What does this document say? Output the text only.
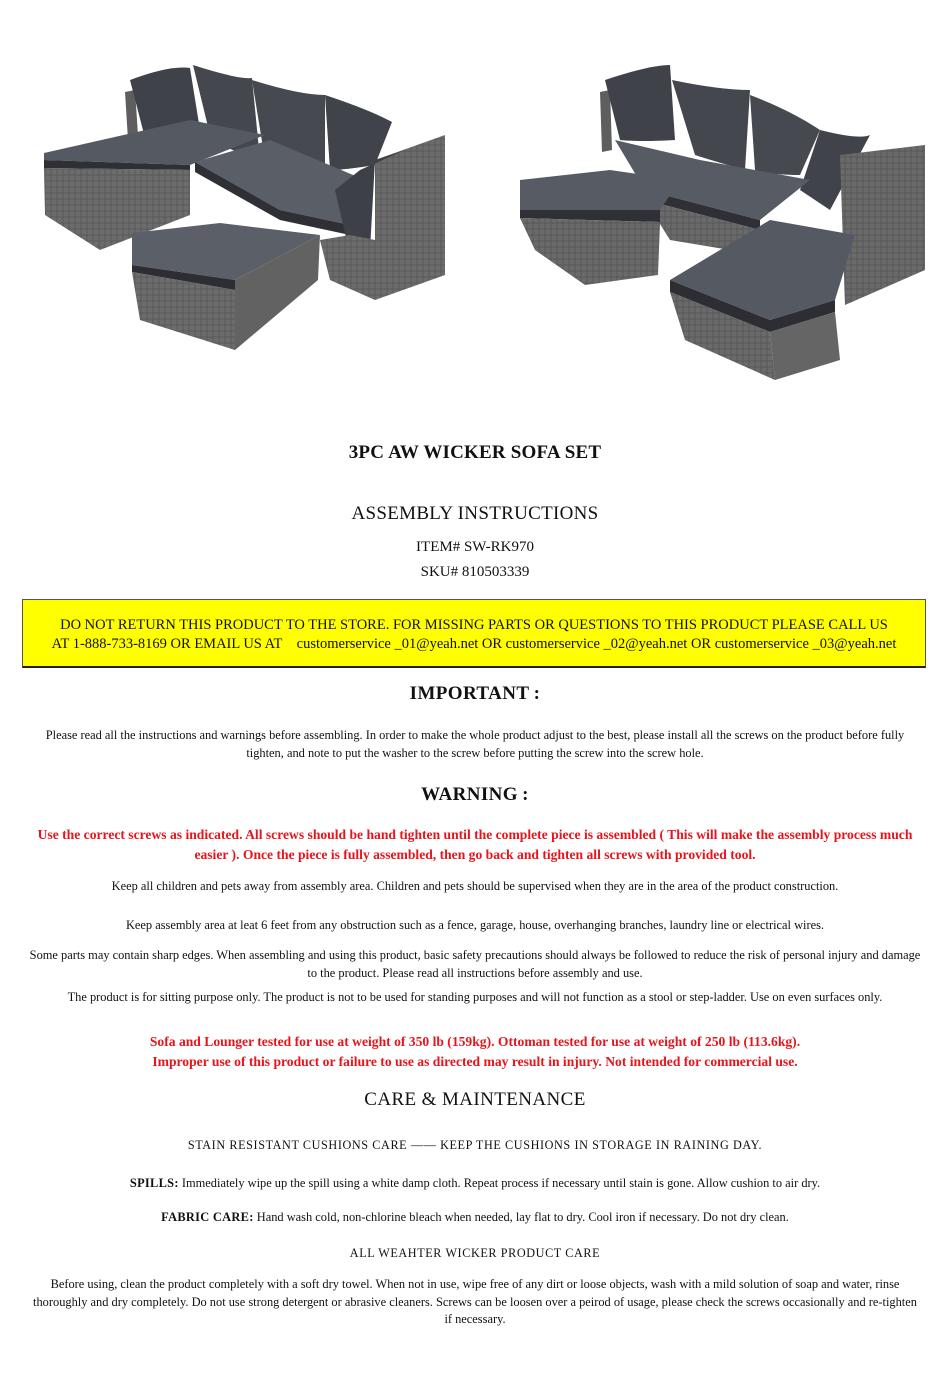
3PC AW WICKER SOFA SET
ASSEMBLY INSTRUCTIONS
ITEM# SW-RK970
SKU# 810503339
DO NOT RETURN THIS PRODUCT TO THE STORE. FOR MISSING PARTS OR QUESTIONS TO THIS PRODUCT PLEASE CALL US
AT 1-888-733-8169 OR EMAIL US AT    customerservice _01@yeah.net OR customerservice _02@yeah.net OR customerservice _03@yeah.net
IMPORTANT :
Please read all the instructions and warnings before assembling. In order to make the whole product adjust to the best, please install all the screws on the product before fully tighten, and note to put the washer to the screw before putting the screw into the screw hole.
WARNING :
Use the correct screws as indicated. All screws should be hand tighten until the complete piece is assembled ( This will make the assembly process much easier ). Once the piece is fully assembled, then go back and tighten all screws with provided tool.
Keep all children and pets away from assembly area. Children and pets should be supervised when they are in the area of the product construction.
Keep assembly area at leat 6 feet from any obstruction such as a fence, garage, house, overhanging branches, laundry line or electrical wires.
Some parts may contain sharp edges. When assembling and using this product, basic safety precautions should always be followed to reduce the risk of personal injury and damage to the product. Please read all instructions before assembly and use.
The product is for sitting purpose only. The product is not to be used for standing purposes and will not function as a stool or step-ladder. Use on even surfaces only.
Sofa and Lounger tested for use at weight of 350 lb (159kg). Ottoman tested for use at weight of 250 lb (113.6kg).
Improper use of this product or failure to use as directed may result in injury. Not intended for commercial use.
CARE & MAINTENANCE
STAIN RESISTANT CUSHIONS CARE —— KEEP THE CUSHIONS IN STORAGE IN RAINING DAY.
SPILLS: Immediately wipe up the spill using a white damp cloth. Repeat process if necessary until stain is gone. Allow cushion to air dry.
FABRIC CARE: Hand wash cold, non-chlorine bleach when needed, lay flat to dry. Cool iron if necessary. Do not dry clean.
ALL WEAHTER WICKER PRODUCT CARE
Before using, clean the product completely with a soft dry towel. When not in use, wipe free of any dirt or loose objects, wash with a mild solution of soap and water, rinse thoroughly and dry completely. Do not use strong detergent or abrasive cleaners. Screws can be loosen over a peirod of usage, please check the screws occasionally and re-tighten if necessary.
